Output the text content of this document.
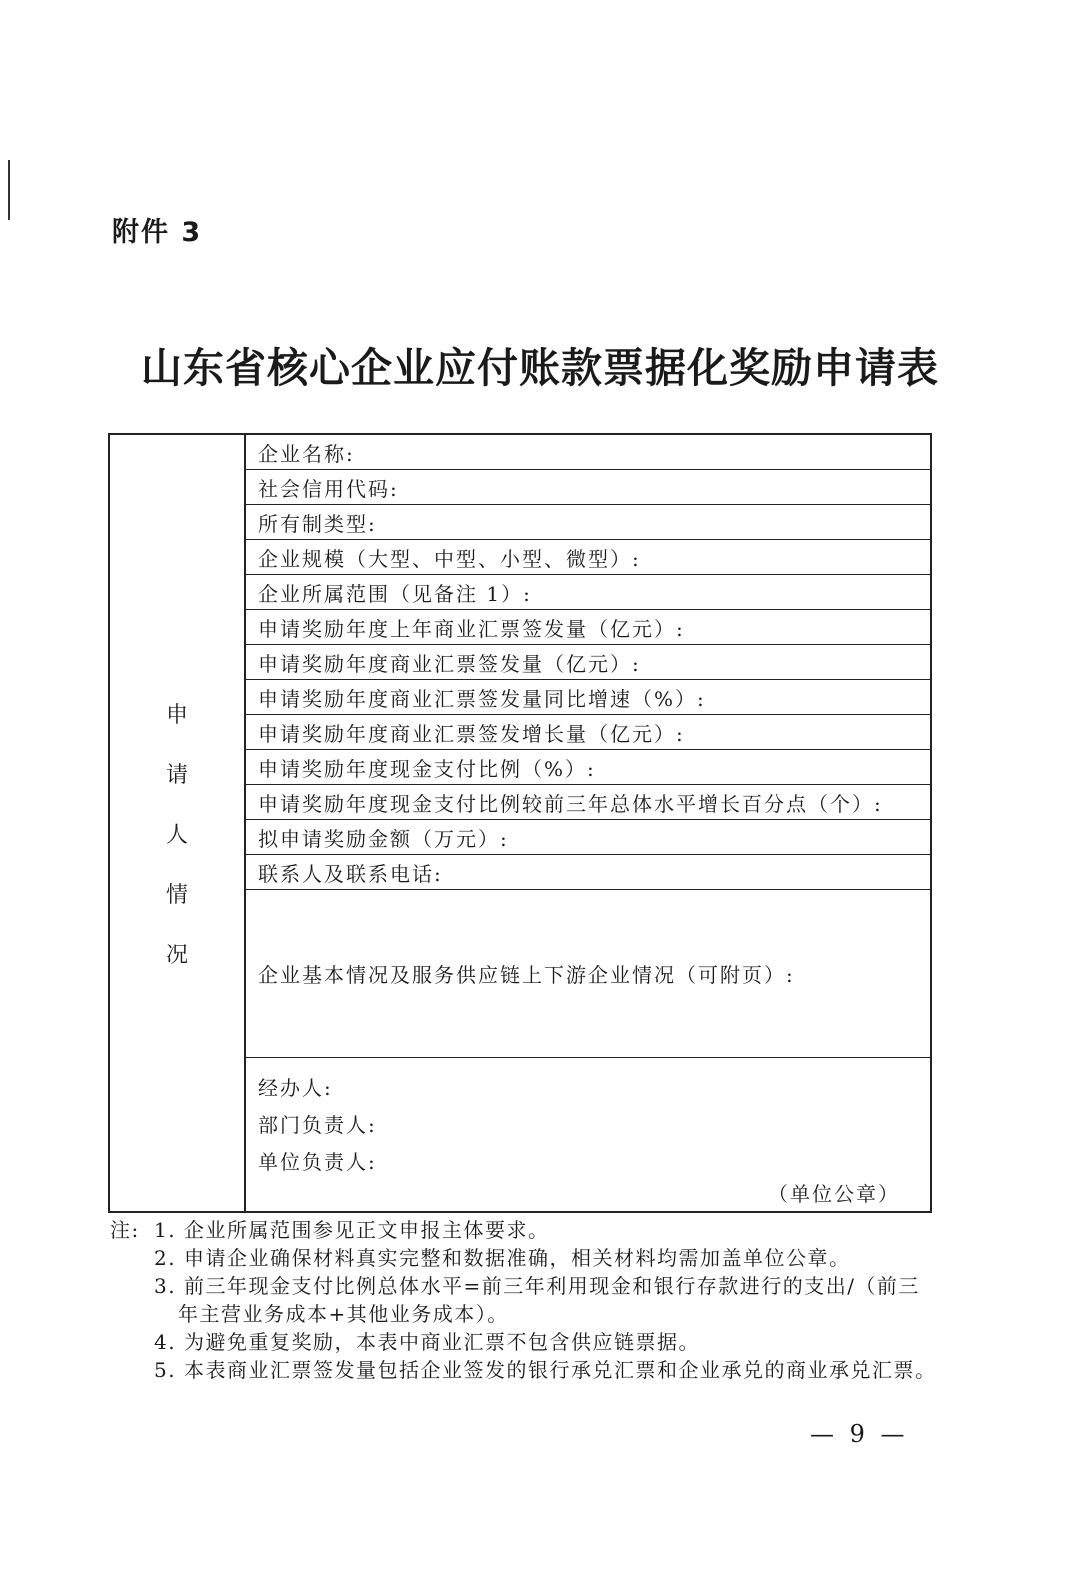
附件 3
山东省核心企业应付账款票据化奖励申请表
申
请
人
情
况
企业名称:
社会信用代码:
所有制类型:
企业规模（大型、中型、小型、微型）:
企业所属范围（见备注 1）:
申请奖励年度上年商业汇票签发量（亿元）:
申请奖励年度商业汇票签发量（亿元）:
申请奖励年度商业汇票签发量同比增速（%）:
申请奖励年度商业汇票签发增长量（亿元）:
申请奖励年度现金支付比例（%）:
申请奖励年度现金支付比例较前三年总体水平增长百分点（个）:
拟申请奖励金额（万元）:
联系人及联系电话:
企业基本情况及服务供应链上下游企业情况（可附页）:
经办人:
部门负责人:
单位负责人:
（单位公章）
注: 1. 企业所属范围参见正文申报主体要求。
2. 申请企业确保材料真实完整和数据准确，相关材料均需加盖单位公章。
3. 前三年现金支付比例总体水平=前三年利用现金和银行存款进行的支出/（前三
年主营业务成本+其他业务成本）。
4. 为避免重复奖励，本表中商业汇票不包含供应链票据。
5. 本表商业汇票签发量包括企业签发的银行承兑汇票和企业承兑的商业承兑汇票。
— 9 —
